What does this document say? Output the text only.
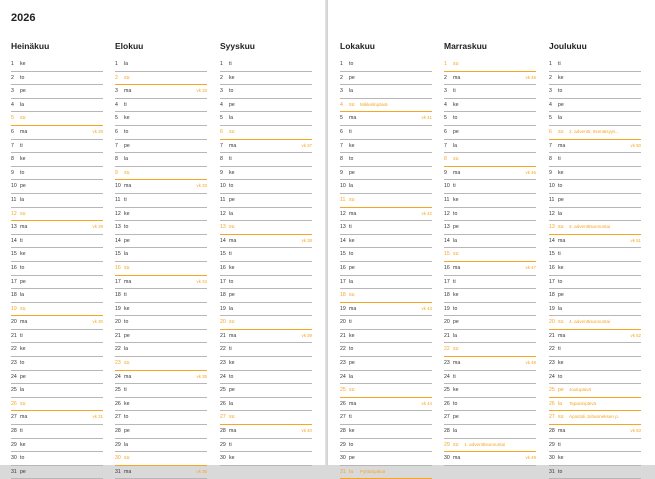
2026
Heinäkuu
1	ke
2	to
3	pe
4	la
5	su
6	ma	vk 28
7	ti
8	ke
9	to
10 pe
11 la
12 su
13 ma	vk 29
14 ti
15 ke
16 to
17 pe
18 la
19 su
20 ma	vk 30
21 ti
22 ke
23 to
24 pe
25 la
26 su
27 ma	vk 31
28 ti
29 ke
30 to
31 pe
Elokuu
1	la
2	su
3	ma	vk 32
4	ti
5	ke
6	to
7	pe
8	la
9	su
10 ma	vk 33
11 ti
12 ke
13 to
14 pe
15 la
16 su
17 ma	vk 34
18 ti
19 ke
20 to
21 pe
22 la
23 su
24 ma	vk 35
25 ti
26 ke
27 to
28 pe
29 la
30 su
31 ma	vk 36
Syyskuu
1	ti
2	ke
3	to
4	pe
5	la
6	su
7	ma	vk 37
8	ti
9	ke
10 to
11 pe
12 la
13 su
14 ma	vk 38
15 ti
16 ke
17 to
18 pe
19 la
20 su
21 ma	vk 39
22 ti
23 ke
24 to
25 pe
26 la
27 su
28 ma	vk 40
29 ti
30 ke
Lokakuu
1	to
2	pe
3	la
4	su Mikkelinpäivä
5	ma	vk 41
6	ti
7	ke
8	to
9	pe
10 la
11 su
12 ma	vk 42
13 ti
14 ke
15 to
16 pe
17 la
18 su
19 ma	vk 43
20 ti
21 ke
22 to
23 pe
24 la
25 su
26 ma	vk 44
27 ti
28 ke
29 to
30 pe
31 la Pyhäinpäivä
Marraskuu
1	su
2	ma	vk 45
3	ti
4	ke
5	to
6	pe
7	la
8	su
9	ma	vk 46
10 ti
11 ke
12 to
13 pe
14 la
15 su
16 ma	vk 47
17 ti
18 ke
19 to
20 pe
21 la
22 su
23 ma	vk 48
24 ti
25 ke
26 to
27 pe
28 la
29 su 1. adventtisunnuntai
30 ma	vk 49
Joulukuu
1	ti
2	ke
3	to
4	pe
5	la
6	su 2. adventti, Itsenäisyys...
7	ma	vk 50
8	ti
9	ke
10 to
11 pe
12 la
13 su 3. adventtisunnuntai
14 ma	vk 51
15 ti
16 ke
17 to
18 pe
19 la
20 su 4. adventtisunnuntai
21 ma	vk 52
22 ti
23 ke
24 to
25 pe Joulupäivä
26 la Tapaninpäivä
27 su Apostoli Johanneksen p.
28 ma	vk 53
29 ti
30 ke
31 to
